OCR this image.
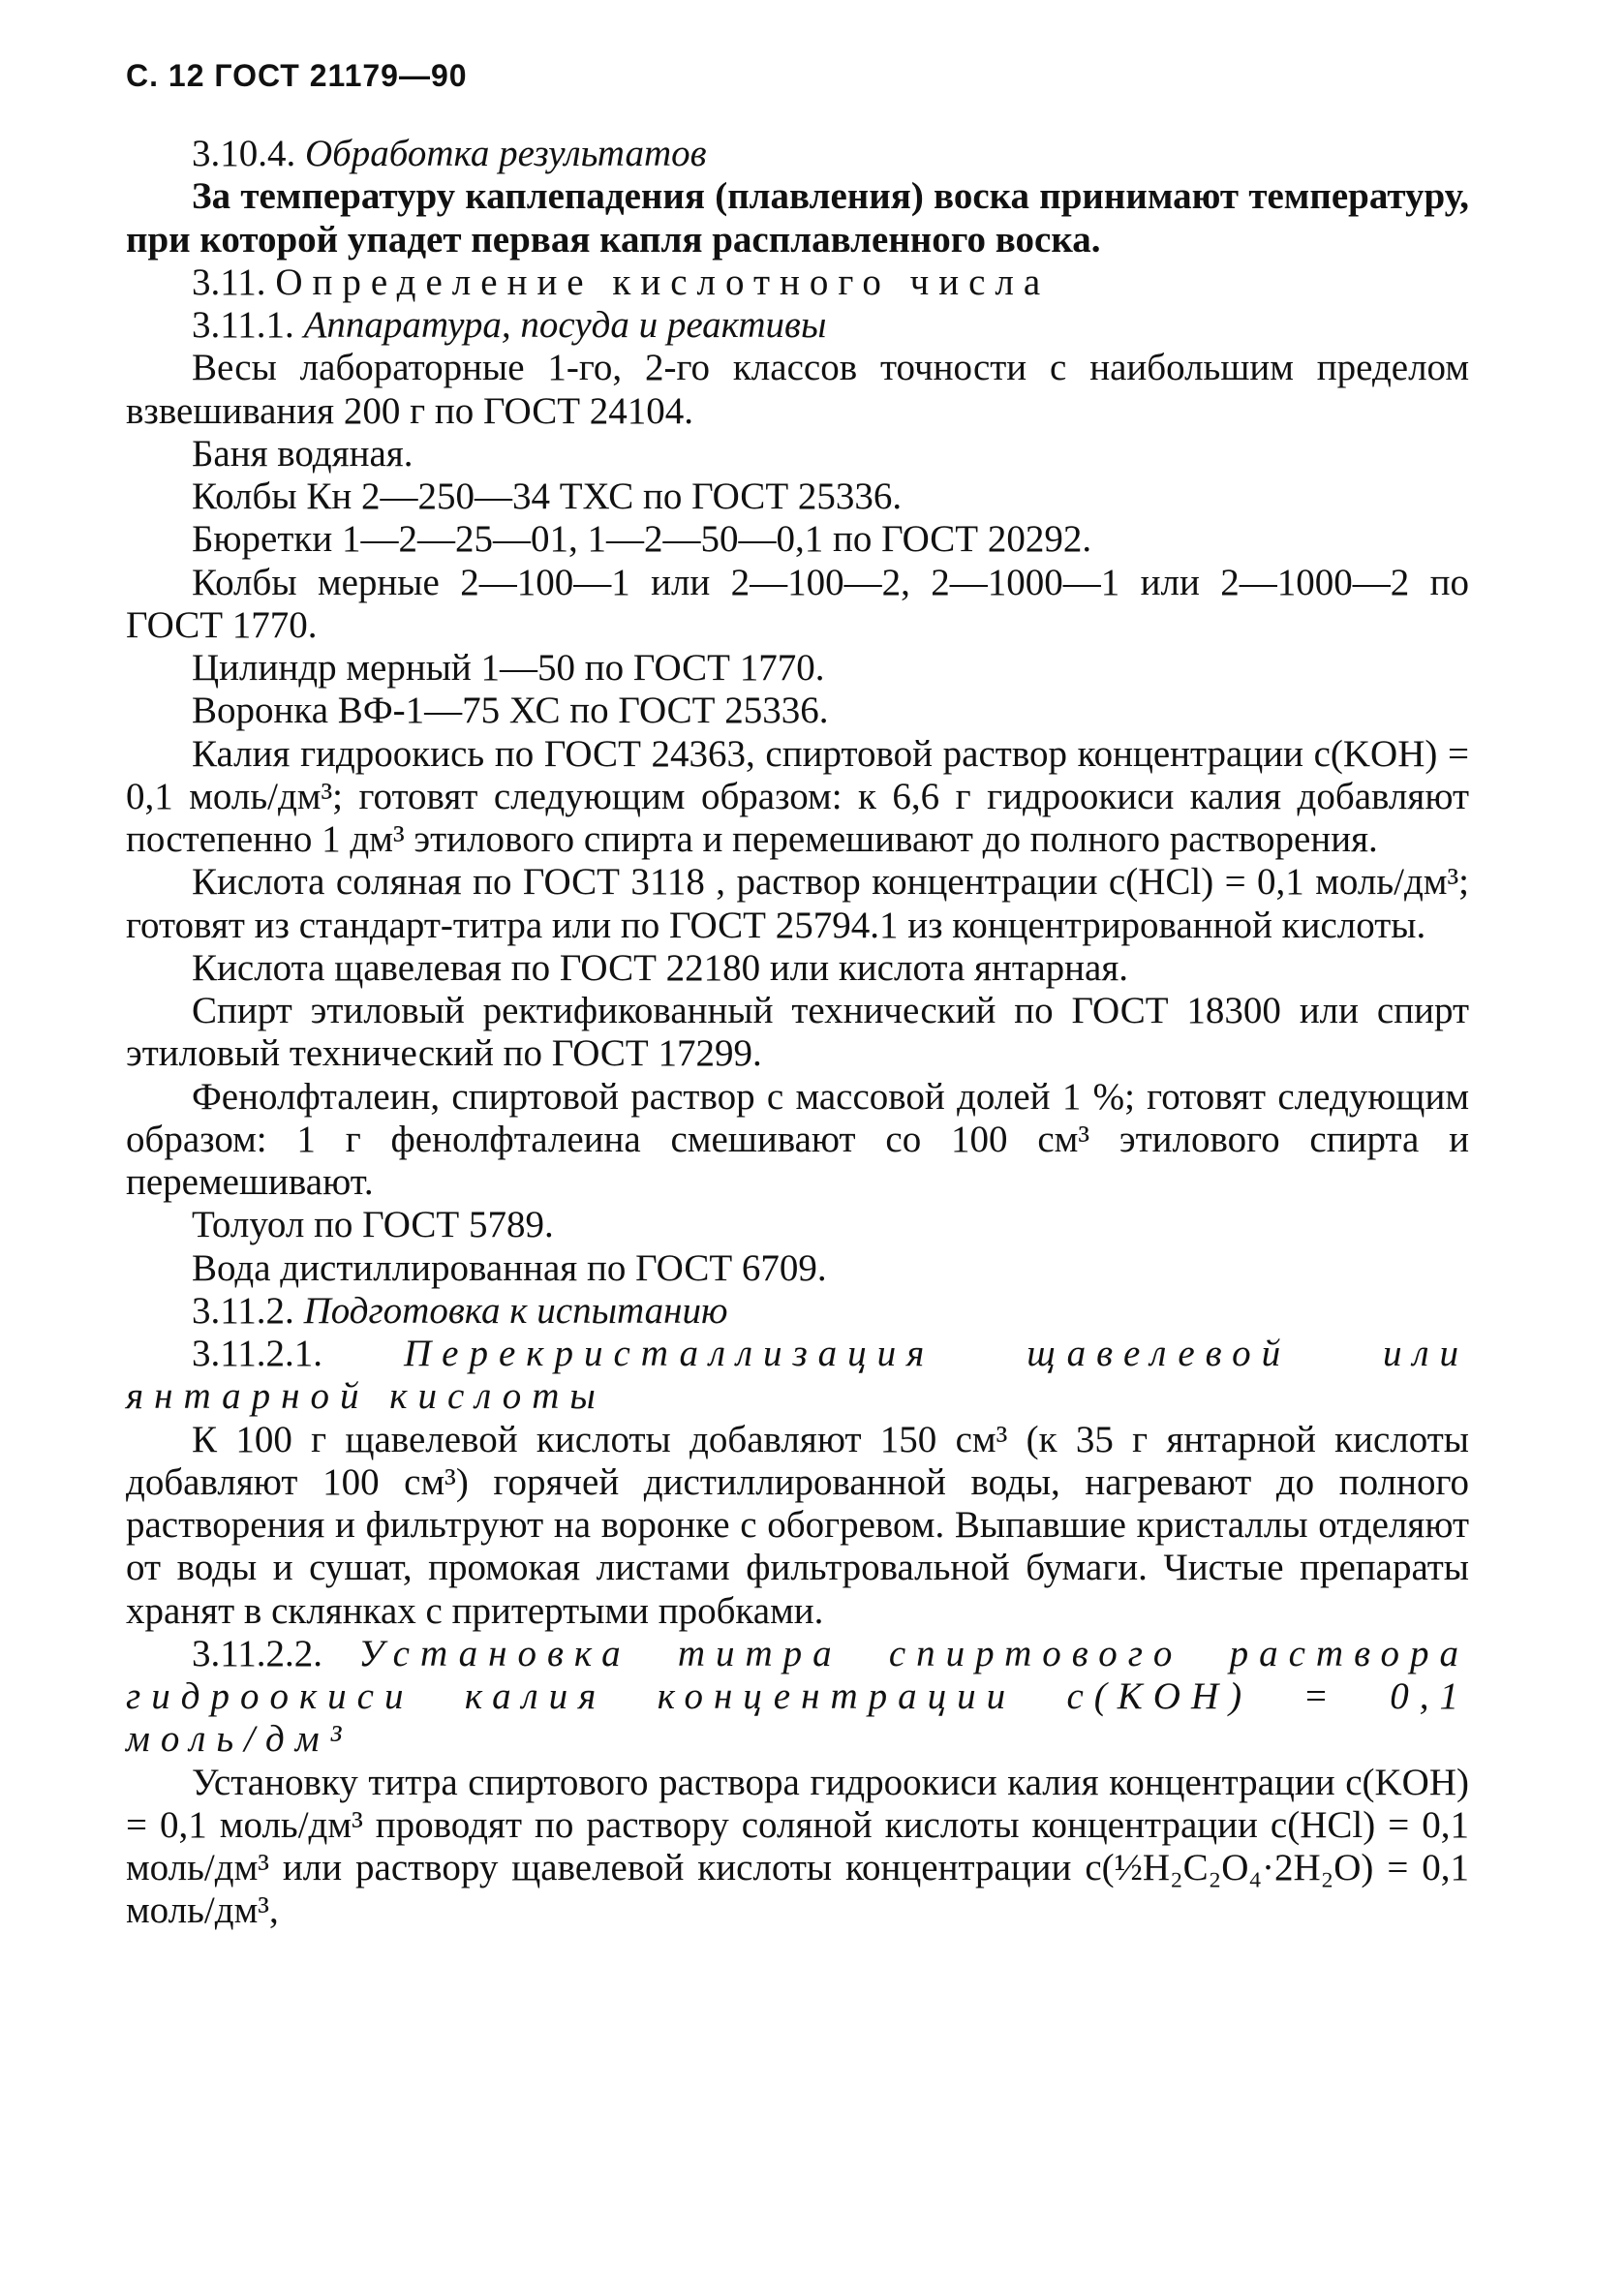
С. 12 ГОСТ 21179—90

3.10.4. Обработка результатов

За температуру каплепадения (плавления) воска принимают температуру, при которой упадет первая капля расплавленного воска.

3.11. Определение кислотного числа

3.11.1. Аппаратура, посуда и реактивы

Весы лабораторные 1-го, 2-го классов точности с наибольшим пределом взвешивания 200 г по ГОСТ 24104.

Баня водяная.

Колбы Кн 2—250—34 ТХС по ГОСТ 25336.

Бюретки 1—2—25—01, 1—2—50—0,1 по ГОСТ 20292.

Колбы мерные 2—100—1 или 2—100—2, 2—1000—1 или 2—1000—2 по ГОСТ 1770.

Цилиндр мерный 1—50 по ГОСТ 1770.

Воронка ВФ-1—75 ХС по ГОСТ 25336.

Калия гидроокись по ГОСТ 24363, спиртовой раствор концентрации c(KOH) = 0,1 моль/дм³; готовят следующим образом: к 6,6 г гидроокиси калия добавляют постепенно 1 дм³ этилового спирта и перемешивают до полного растворения.

Кислота соляная по ГОСТ 3118 , раствор концентрации c(HCl) = 0,1 моль/дм³; готовят из стандарт-титра или по ГОСТ 25794.1 из концентрированной кислоты.

Кислота щавелевая по ГОСТ 22180 или кислота янтарная.

Спирт этиловый ректификованный технический по ГОСТ 18300 или спирт этиловый технический по ГОСТ 17299.

Фенолфталеин, спиртовой раствор с массовой долей 1 %; готовят следующим образом: 1 г фенолфталеина смешивают со 100 см³ этилового спирта и перемешивают.

Толуол по ГОСТ 5789.

Вода дистиллированная по ГОСТ 6709.

3.11.2. Подготовка к испытанию

3.11.2.1. Перекристаллизация щавелевой или янтарной кислоты

К 100 г щавелевой кислоты добавляют 150 см³ (к 35 г янтарной кислоты добавляют 100 см³) горячей дистиллированной воды, нагревают до полного растворения и фильтруют на воронке с обогревом. Выпавшие кристаллы отделяют от воды и сушат, промокая листами фильтровальной бумаги. Чистые препараты хранят в склянках с притертыми пробками.

3.11.2.2. Установка титра спиртового раствора гидроокиси калия концентрации c(KOH) = 0,1 моль/дм³

Установку титра спиртового раствора гидроокиси калия концентрации c(KOH) = 0,1 моль/дм³ проводят по раствору соляной кислоты концентрации c(HCl) = 0,1 моль/дм³ или раствору щавелевой кислоты концентрации c(½H₂C₂O₄·2H₂O) = 0,1 моль/дм³,
